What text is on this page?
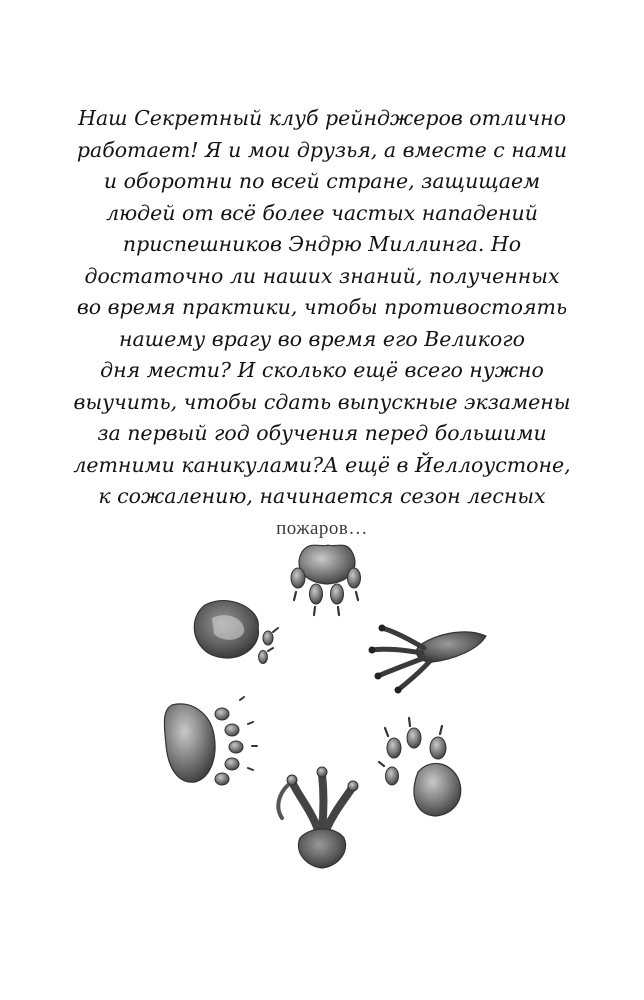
Наш Секретный клуб рейнджеров отлично
работает! Я и мои друзья, а вместе с нами
и оборотни по всей стране, защищаем
людей от всё более частых нападений
приспешников Эндрю Миллинга. Но
достаточно ли наших знаний, полученных
во время практики, чтобы противостоять
нашему врагу во время его Великого
дня мести? И сколько ещё всего нужно
выучить, чтобы сдать выпускные экзамены
за первый год обучения перед большими
летними каникулами?А ещё в Йеллоустоне,
к сожалению, начинается сезон лесных
пожаров…
